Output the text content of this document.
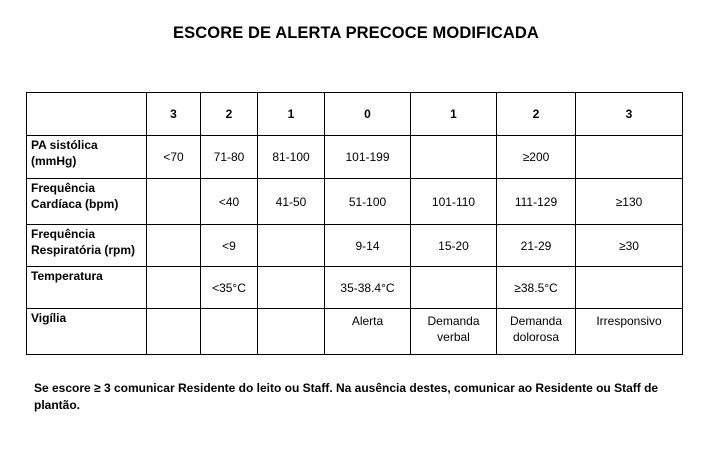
ESCORE DE ALERTA PRECOCE MODIFICADA
	3	2	1	0	1	2	3
PA sistólica (mmHg)	<70	71-80	81-100	101-199		≥200	
Frequência Cardíaca (bpm)		<40	41-50	51-100	101-110	111-129	≥130
Frequência Respiratória (rpm)		<9		9-14	15-20	21-29	≥30
Temperatura		<35°C		35-38.4°C		≥38.5°C	
Vigília				Alerta	Demanda verbal	Demanda dolorosa	Irresponsivo
Se escore ≥ 3 comunicar Residente do leito ou Staff. Na ausência destes, comunicar ao Residente ou Staff de plantão.
